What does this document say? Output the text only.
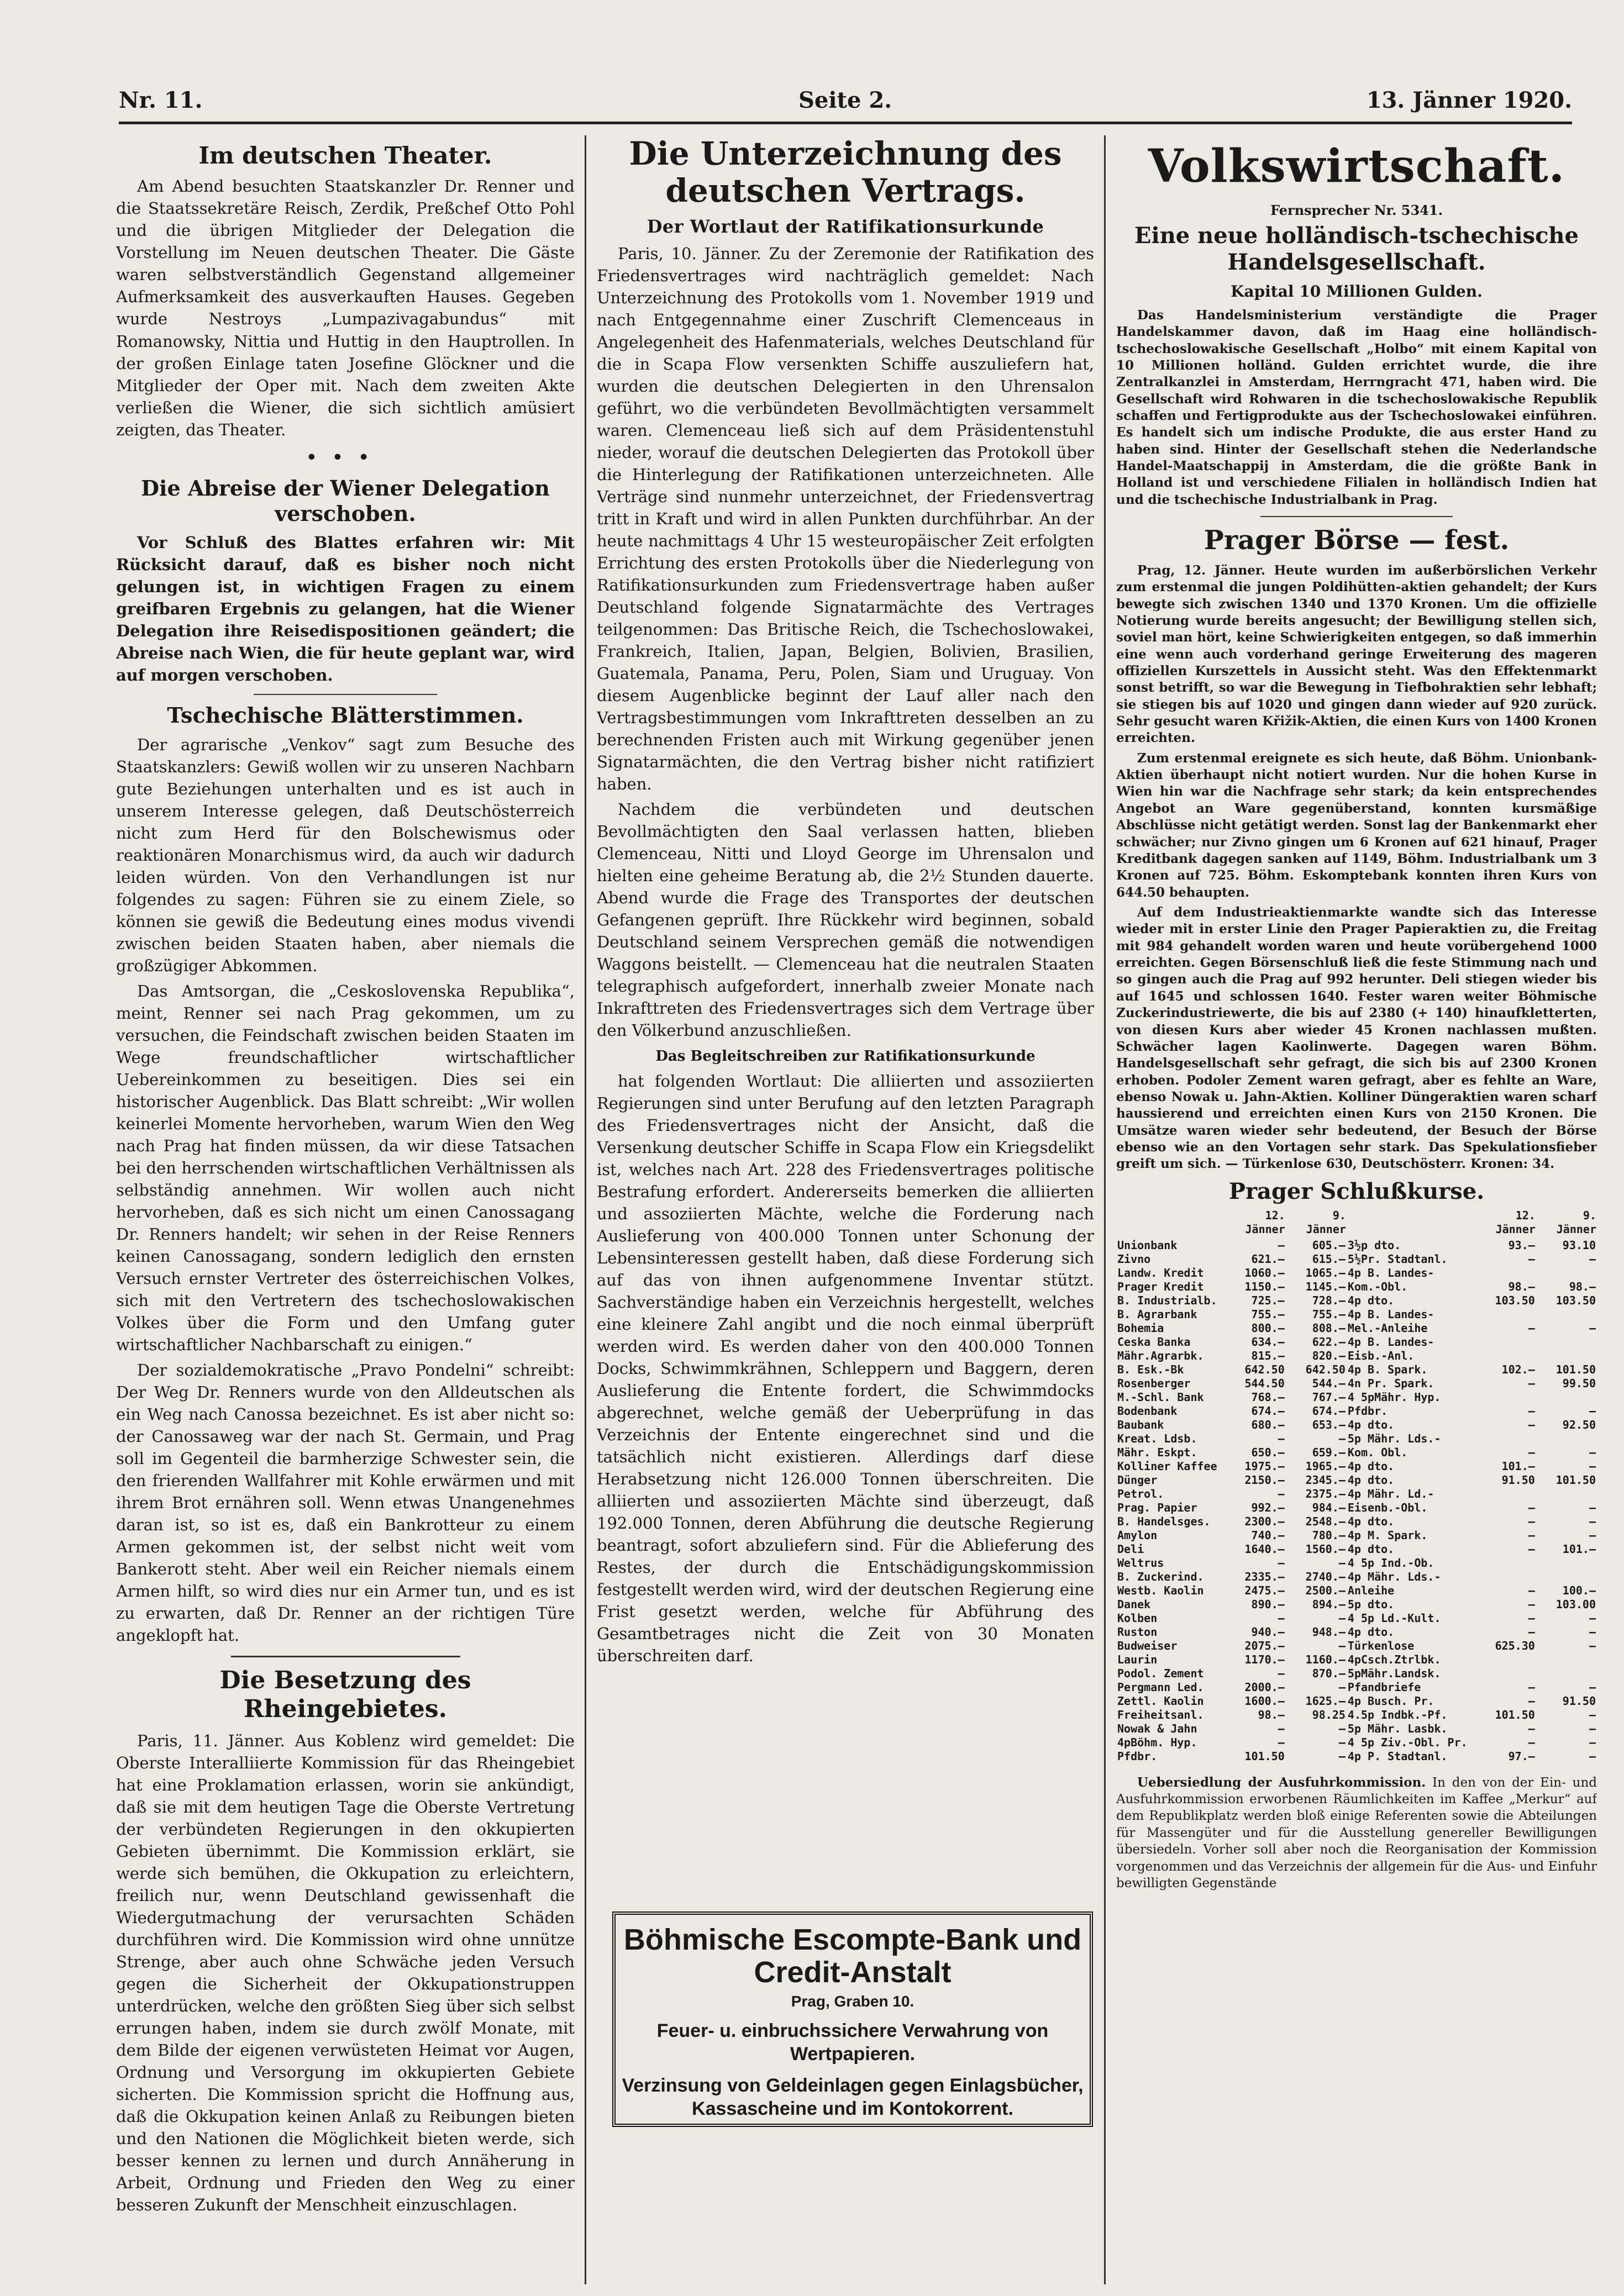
Nr. 11.	Seite 2.	13. Jänner 1920.
Im deutschen Theater.

Am Abend besuchten Staatskanzler Dr. Renner und die Staatssekretäre Reisch, Zerdik, Preßchef Otto Pohl und die übrigen Mitglieder der Delegation die Vorstellung im Neuen deutschen Theater. Die Gäste waren selbstverständlich Gegenstand allgemeiner Aufmerksamkeit des ausverkauften Hauses. Gegeben wurde Nestroys „Lumpazivagabundus“ mit Romanowsky, Nittia und Huttig in den Hauptrollen. In der großen Einlage taten Josefine Glöckner und die Mitglieder der Oper mit. Nach dem zweiten Akte verließen die Wiener, die sich sichtlich amüsiert zeigten, das Theater.

•••
Die Abreise der Wiener Delegation verschoben.

Vor Schluß des Blattes erfahren wir: Mit Rücksicht darauf, daß es bisher noch nicht gelungen ist, in wichtigen Fragen zu einem greifbaren Ergebnis zu gelangen, hat die Wiener Delegation ihre Reisedispositionen geändert; die Abreise nach Wien, die für heute geplant war, wird auf morgen verschoben.

Tschechische Blätterstimmen.

Der agrarische „Venkov“ sagt zum Besuche des Staatskanzlers: Gewiß wollen wir zu unseren Nachbarn gute Beziehungen unterhalten und es ist auch in unserem Interesse gelegen, daß Deutschösterreich nicht zum Herd für den Bolschewismus oder reaktionären Monarchismus wird, da auch wir dadurch leiden würden. Von den Verhandlungen ist nur folgendes zu sagen: Führen sie zu einem Ziele, so können sie gewiß die Bedeutung eines modus vivendi zwischen beiden Staaten haben, aber niemals die großzügiger Abkommen.

Das Amtsorgan, die „Ceskoslovenska Republika“, meint, Renner sei nach Prag gekommen, um zu versuchen, die Feindschaft zwischen beiden Staaten im Wege freundschaftlicher wirtschaftlicher Uebereinkommen zu beseitigen. Dies sei ein historischer Augenblick. Das Blatt schreibt: „Wir wollen keinerlei Momente hervorheben, warum Wien den Weg nach Prag hat finden müssen, da wir diese Tatsachen bei den herrschenden wirtschaftlichen Verhältnissen als selbständig annehmen. Wir wollen auch nicht hervorheben, daß es sich nicht um einen Canossagang Dr. Renners handelt; wir sehen in der Reise Renners keinen Canossagang, sondern lediglich den ernsten Versuch ernster Vertreter des österreichischen Volkes, sich mit den Vertretern des tschechoslowakischen Volkes über die Form und den Umfang guter wirtschaftlicher Nachbarschaft zu einigen.“

Der sozialdemokratische „Pravo Pondelni“ schreibt: Der Weg Dr. Renners wurde von den Alldeutschen als ein Weg nach Canossa bezeichnet. Es ist aber nicht so: der Canossaweg war der nach St. Germain, und Prag soll im Gegenteil die barmherzige Schwester sein, die den frierenden Wallfahrer mit Kohle erwärmen und mit ihrem Brot ernähren soll. Wenn etwas Unangenehmes daran ist, so ist es, daß ein Bankrotteur zu einem Armen gekommen ist, der selbst nicht weit vom Bankerott steht. Aber weil ein Reicher niemals einem Armen hilft, so wird dies nur ein Armer tun, und es ist zu erwarten, daß Dr. Renner an der richtigen Türe angeklopft hat.

Die Besetzung des Rheingebietes.

Paris, 11. Jänner. Aus Koblenz wird gemeldet: Die Oberste Interalliierte Kommission für das Rheingebiet hat eine Proklamation erlassen, worin sie ankündigt, daß sie mit dem heutigen Tage die Oberste Vertretung der verbündeten Regierungen in den okkupierten Gebieten übernimmt. Die Kommission erklärt, sie werde sich bemühen, die Okkupation zu erleichtern, freilich nur, wenn Deutschland gewissenhaft die Wiedergutmachung der verursachten Schäden durchführen wird. Die Kommission wird ohne unnütze Strenge, aber auch ohne Schwäche jeden Versuch gegen die Sicherheit der Okkupationstruppen unterdrücken, welche den größten Sieg über sich selbst errungen haben, indem sie durch zwölf Monate, mit dem Bilde der eigenen verwüsteten Heimat vor Augen, Ordnung und Versorgung im okkupierten Gebiete sicherten. Die Kommission spricht die Hoffnung aus, daß die Okkupation keinen Anlaß zu Reibungen bieten und den Nationen die Möglichkeit bieten werde, sich besser kennen zu lernen und durch Annäherung in Arbeit, Ordnung und Frieden den Weg zu einer besseren Zukunft der Menschheit einzuschlagen.

Die Unterzeichnung des deutschen Vertrags.
Der Wortlaut der Ratifikationsurkunde

Paris, 10. Jänner. Zu der Zeremonie der Ratifikation des Friedensvertrages wird nachträglich gemeldet: Nach Unterzeichnung des Protokolls vom 1. November 1919 und nach Entgegennahme einer Zuschrift Clemenceaus in Angelegenheit des Hafenmaterials, welches Deutschland für die in Scapa Flow versenkten Schiffe auszuliefern hat, wurden die deutschen Delegierten in den Uhrensalon geführt, wo die verbündeten Bevollmächtigten versammelt waren. Clemenceau ließ sich auf dem Präsidentenstuhl nieder, worauf die deutschen Delegierten das Protokoll über die Hinterlegung der Ratifikationen unterzeichneten. Alle Verträge sind nunmehr unterzeichnet, der Friedensvertrag tritt in Kraft und wird in allen Punkten durchführbar. An der heute nachmittags 4 Uhr 15 westeuropäischer Zeit erfolgten Errichtung des ersten Protokolls über die Niederlegung von Ratifikationsurkunden zum Friedensvertrage haben außer Deutschland folgende Signatarmächte des Vertrages teilgenommen: Das Britische Reich, die Tschechoslowakei, Frankreich, Italien, Japan, Belgien, Bolivien, Brasilien, Guatemala, Panama, Peru, Polen, Siam und Uruguay. Von diesem Augenblicke beginnt der Lauf aller nach den Vertragsbestimmungen vom Inkrafttreten desselben an zu berechnenden Fristen auch mit Wirkung gegenüber jenen Signatarmächten, die den Vertrag bisher nicht ratifiziert haben.

Nachdem die verbündeten und deutschen Bevollmächtigten den Saal verlassen hatten, blieben Clemenceau, Nitti und Lloyd George im Uhrensalon und hielten eine geheime Beratung ab, die 2½ Stunden dauerte. Abend wurde die Frage des Transportes der deutschen Gefangenen geprüft. Ihre Rückkehr wird beginnen, sobald Deutschland seinem Versprechen gemäß die notwendigen Waggons beistellt. — Clemenceau hat die neutralen Staaten telegraphisch aufgefordert, innerhalb zweier Monate nach Inkrafttreten des Friedensvertrages sich dem Vertrage über den Völkerbund anzuschließen.

Das Begleitschreiben zur Ratifikationsurkunde

hat folgenden Wortlaut: Die alliierten und assoziierten Regierungen sind unter Berufung auf den letzten Paragraph des Friedensvertrages nicht der Ansicht, daß die Versenkung deutscher Schiffe in Scapa Flow ein Kriegsdelikt ist, welches nach Art. 228 des Friedensvertrages politische Bestrafung erfordert. Andererseits bemerken die alliierten und assoziierten Mächte, welche die Forderung nach Auslieferung von 400.000 Tonnen unter Schonung der Lebensinteressen gestellt haben, daß diese Forderung sich auf das von ihnen aufgenommene Inventar stützt. Sachverständige haben ein Verzeichnis hergestellt, welches eine kleinere Zahl angibt und die noch einmal überprüft werden wird. Es werden daher von den 400.000 Tonnen Docks, Schwimmkrähnen, Schleppern und Baggern, deren Auslieferung die Entente fordert, die Schwimmdocks abgerechnet, welche gemäß der Ueberprüfung in das Verzeichnis der Entente eingerechnet sind und die tatsächlich nicht existieren. Allerdings darf diese Herabsetzung nicht 126.000 Tonnen überschreiten. Die alliierten und assoziierten Mächte sind überzeugt, daß 192.000 Tonnen, deren Abführung die deutsche Regierung beantragt, sofort abzuliefern sind. Für die Ablieferung des Restes, der durch die Entschädigungskommission festgestellt werden wird, wird der deutschen Regierung eine Frist gesetzt werden, welche für Abführung des Gesamtbetrages nicht die Zeit von 30 Monaten überschreiten darf.

Böhmische Escompte-Bank und Credit-Anstalt
Prag, Graben 10.
Feuer- u. einbruchssichere Verwahrung von Wertpapieren.
Verzinsung von Geldeinlagen gegen Einlagsbücher, Kassascheine und im Kontokorrent.
Volkswirtschaft.
Fernsprecher Nr. 5341.
Eine neue holländisch-tschechische Handelsgesellschaft.
Kapital 10 Millionen Gulden.

Das Handelsministerium verständigte die Prager Handelskammer davon, daß im Haag eine holländisch-tschechoslowakische Gesellschaft „Holbo“ mit einem Kapital von 10 Millionen holländ. Gulden errichtet wurde, die ihre Zentralkanzlei in Amsterdam, Herrngracht 471, haben wird. Die Gesellschaft wird Rohwaren in die tschechoslowakische Republik schaffen und Fertigprodukte aus der Tschechoslowakei einführen. Es handelt sich um indische Produkte, die aus erster Hand zu haben sind. Hinter der Gesellschaft stehen die Nederlandsche Handel-Maatschappij in Amsterdam, die die größte Bank in Holland ist und verschiedene Filialen in holländisch Indien hat und die tschechische Industrialbank in Prag.

Prager Börse — fest.

Prag, 12. Jänner. Heute wurden im außerbörslichen Verkehr zum erstenmal die jungen Poldihütten-aktien gehandelt; der Kurs bewegte sich zwischen 1340 und 1370 Kronen. Um die offizielle Notierung wurde bereits angesucht; der Bewilligung stellen sich, soviel man hört, keine Schwierigkeiten entgegen, so daß immerhin eine wenn auch vorderhand geringe Erweiterung des mageren offiziellen Kurszettels in Aussicht steht. Was den Effektenmarkt sonst betrifft, so war die Bewegung in Tiefbohraktien sehr lebhaft; sie stiegen bis auf 1020 und gingen dann wieder auf 920 zurück. Sehr gesucht waren Křižik-Aktien, die einen Kurs von 1400 Kronen erreichten.

Zum erstenmal ereignete es sich heute, daß Böhm. Unionbank-Aktien überhaupt nicht notiert wurden. Nur die hohen Kurse in Wien hin war die Nachfrage sehr stark; da kein entsprechendes Angebot an Ware gegenüberstand, konnten kursmäßige Abschlüsse nicht getätigt werden. Sonst lag der Bankenmarkt eher schwächer; nur Zivno gingen um 6 Kronen auf 621 hinauf, Prager Kreditbank dagegen sanken auf 1149, Böhm. Industrialbank um 3 Kronen auf 725. Böhm. Eskomptebank konnten ihren Kurs von 644.50 behaupten.

Auf dem Industrieaktienmarkte wandte sich das Interesse wieder mit in erster Linie den Prager Papieraktien zu, die Freitag mit 984 gehandelt worden waren und heute vorübergehend 1000 erreichten. Gegen Börsenschluß ließ die feste Stimmung nach und so gingen auch die Prag auf 992 herunter. Deli stiegen wieder bis auf 1645 und schlossen 1640. Fester waren weiter Böhmische Zuckerindustriewerte, die bis auf 2380 (+ 140) hinaufkletterten, von diesen Kurs aber wieder 45 Kronen nachlassen mußten. Schwächer lagen Kaolinwerte. Dagegen waren Böhm. Handelsgesellschaft sehr gefragt, die sich bis auf 2300 Kronen erhoben. Podoler Zement waren gefragt, aber es fehlte an Ware, ebenso Nowak u. Jahn-Aktien. Kolliner Düngeraktien waren scharf haussierend und erreichten einen Kurs von 2150 Kronen. Die Umsätze waren wieder sehr bedeutend, der Besuch der Börse ebenso wie an den Vortagen sehr stark. Das Spekulationsfieber greift um sich. — Türkenlose 630, Deutschösterr. Kronen: 34.

Prager Schlußkurse.
	12. Jänner	9. Jänner		12. Jänner	9. Jänner
Unionbank	—	605.—	3½p dto.	93.—	93.10
Zivno	621.—	615.—	5½Pr. Stadtanl.	—	—
Landw. Kredit	1060.—	1065.—	4p B. Landes-		
Prager Kredit	1150.—	1145.—	Kom.-Obl.	98.—	98.—
B. Industrialb.	725.—	728.—	4p dto.	103.50	103.50
B. Agrarbank	755.—	755.—	4p B. Landes-		
Bohemia	800.—	808.—	Mel.-Anleihe	—	—
Ceska Banka	634.—	622.—	4p B. Landes-		
Mähr.Agrarbk.	815.—	820.—	Eisb.-Anl.		
B. Esk.-Bk	642.50	642.50	4p B. Spark.	102.—	101.50
Rosenberger	544.50	544.—	4n Pr. Spark.	—	99.50
M.-Schl. Bank	768.—	767.—	4 5pMähr. Hyp.		
Bodenbank	674.—	674.—	Pfdbr.	—	—
Baubank	680.—	653.—	4p dto.	—	92.50
Kreat. Ldsb.	—	—	5p Mähr. Lds.-		
Mähr. Eskpt.	650.—	659.—	Kom. Obl.	—	—
Kolliner Kaffee	1975.—	1965.—	4p dto.	101.—	—
Dünger	2150.—	2345.—	4p dto.	91.50	101.50
Petrol.	—	2375.—	4p Mähr. Ld.-		
Prag. Papier	992.—	984.—	Eisenb.-Obl.	—	—
B. Handelsges.	2300.—	2548.—	4p dto.	—	—
Amylon	740.—	780.—	4p M. Spark.	—	—
Deli	1640.—	1560.—	4p dto.	—	101.—
Weltrus	—	—	4 5p Ind.-Ob.		
B. Zuckerind.	2335.—	2740.—	4p Mähr. Lds.-		
Westb. Kaolin	2475.—	2500.—	Anleihe	—	100.—
Danek	890.—	894.—	5p dto.	—	103.00
Kolben	—	—	4 5p Ld.-Kult.	—	—
Ruston	940.—	948.—	4p dto.	—	—
Budweiser	2075.—	—	Türkenlose	625.30	—
Laurin	1170.—	1160.—	4pCsch.Ztrlbk.		
Podol. Zement	—	870.—	5pMähr.Landsk.		
Pergmann Led.	2000.—	—	Pfandbriefe	—	—
Zettl. Kaolin	1600.—	1625.—	4p Busch. Pr.	—	91.50
Freiheitsanl.	98.—	98.25	4.5p Indbk.-Pf.	101.50	—
Nowak & Jahn	—	—	5p Mähr. Lasbk.	—	—
4pBöhm. Hyp.	—	—	4 5p Ziv.-Obl. Pr.	—	—
Pfdbr.	101.50	—	4p P. Stadtanl.	97.—	—

Uebersiedlung der Ausfuhrkommission. In den von der Ein- und Ausfuhrkommission erworbenen Räumlichkeiten im Kaffee „Merkur“ auf dem Republikplatz werden bloß einige Referenten sowie die Abteilungen für Massengüter und für die Ausstellung genereller Bewilligungen übersiedeln. Vorher soll aber noch die Reorganisation der Kommission vorgenommen und das Verzeichnis der allgemein für die Aus- und Einfuhr bewilligten Gegenstände
